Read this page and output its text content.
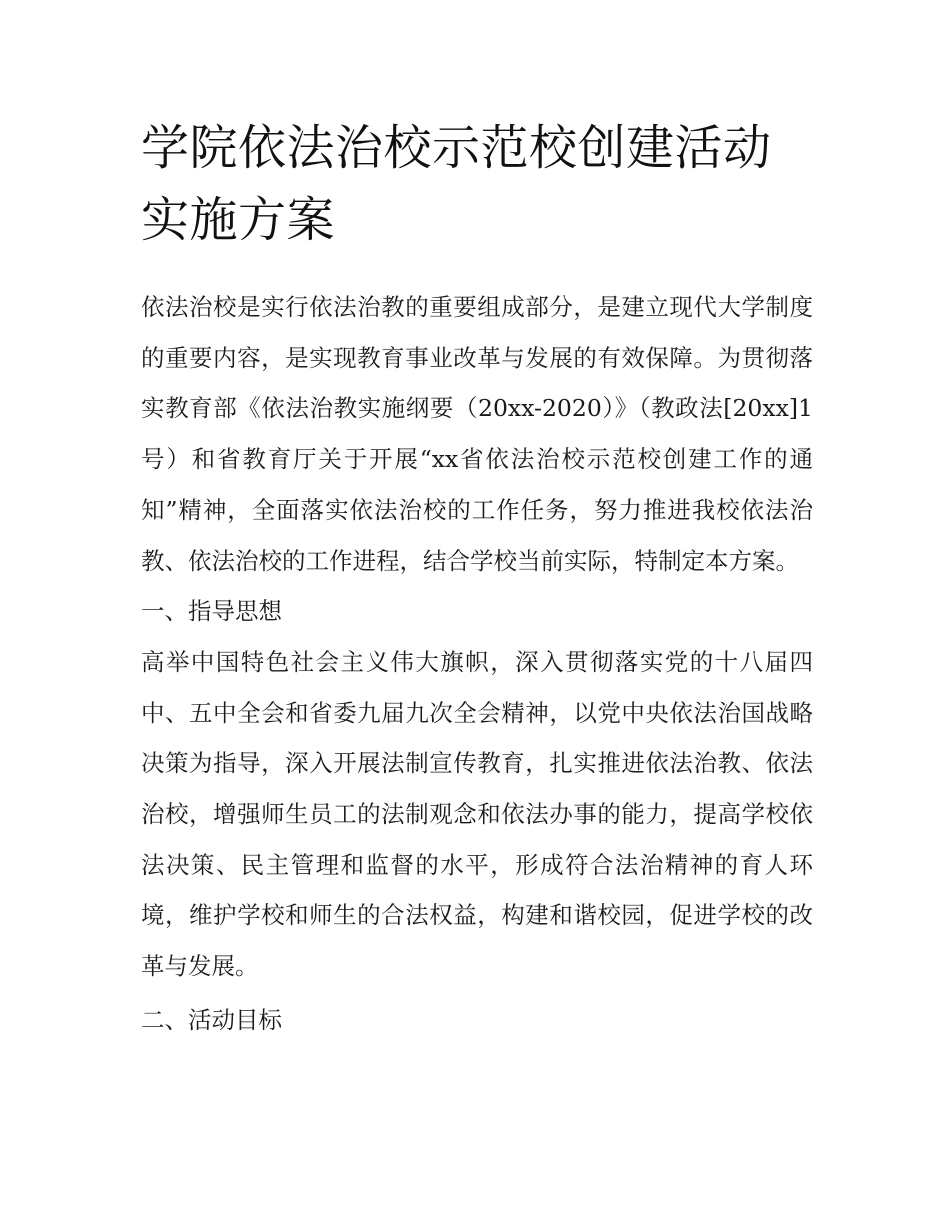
学院依法治校示范校创建活动实施方案

依法治校是实行依法治教的重要组成部分，是建立现代大学制度的重要内容，是实现教育事业改革与发展的有效保障。为贯彻落实教育部《依法治教实施纲要（20xx-2020）》（教政法[20xx]1号）和省教育厅关于开展“xx省依法治校示范校创建工作的通知”精神，全面落实依法治校的工作任务，努力推进我校依法治教、依法治校的工作进程，结合学校当前实际，特制定本方案。

一、指导思想

高举中国特色社会主义伟大旗帜，深入贯彻落实党的十八届四中、五中全会和省委九届九次全会精神，以党中央依法治国战略决策为指导，深入开展法制宣传教育，扎实推进依法治教、依法治校，增强师生员工的法制观念和依法办事的能力，提高学校依法决策、民主管理和监督的水平，形成符合法治精神的育人环境，维护学校和师生的合法权益，构建和谐校园，促进学校的改革与发展。

二、活动目标
